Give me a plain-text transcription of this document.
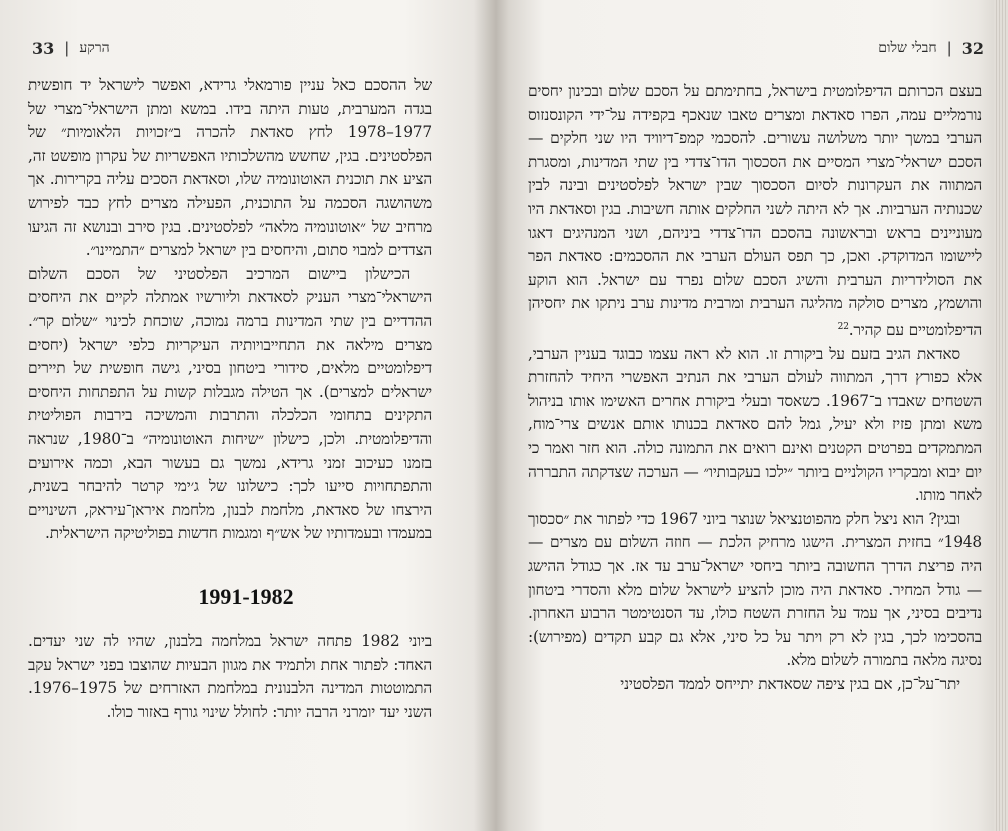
33 | הרקע

של ההסכם כאל עניין פורמאלי גרידא, ואפשר לישראל יד חופשית בגדה המערבית, טעות היתה בידו. במשא ומתן הישראלי־מצרי של 1977–1978 לחץ סאדאת להכרה ב״זכויות הלאומיות״ של הפלסטינים. בגין, שחשש מהשלכותיו האפשריות של עקרון מופשט זה, הציע את תוכנית האוטונומיה שלו, וסאדאת הסכים עליה בקרירות. אך משהושגה הסכמה על התוכנית, הפעילה מצרים לחץ כבד לפירוש מרחיב של ״אוטונומיה מלאה״ לפלסטינים. בגין סירב ובנושא זה הגיעו הצדדים למבוי סתום, והיחסים בין ישראל למצרים ״התמיינו״.

הכישלון ביישום המרכיב הפלסטיני של הסכם השלום הישראלי־מצרי העניק לסאדאת וליורשיו אמתלה לקיים את היחסים ההדדיים בין שתי המדינות ברמה נמוכה, שוכחת לכינוי ״שלום קר״. מצרים מילאה את התחייבויותיה העיקריות כלפי ישראל (יחסים דיפלומטיים מלאים, סידורי ביטחון בסיני, גישה חופשית של תיירים ישראלים למצרים). אך הטילה מגבלות קשות על התפתחות היחסים התקינים בתחומי הכלכלה והתרבות והמשיכה בירבות הפוליטית והדיפלומטית. ולכן, כישלון ״שיחות האוטונומיה״ ב־1980, שנראה בזמנו כעיכוב זמני גרידא, נמשך גם בעשור הבא, וכמה אירועים והתפתחויות סייעו לכך: כישלונו של ג׳ימי קרטר להיבחר בשנית, הירצחו של סאדאת, מלחמת לבנון, מלחמת איראן־עיראק, השינויים במעמדו ובעמדותיו של אש״ף ומגמות חדשות בפוליטיקה הישראלית.

1991-1982

ביוני 1982 פתחה ישראל במלחמה בלבנון, שהיו לה שני יעדים. האחד: לפתור אחת ולתמיד את מגוון הבעיות שהוצבו בפני ישראל עקב התמוטטות המדינה הלבנונית במלחמת האזרחים של 1975–1976. השני יעד יומרני הרבה יותר: לחולל שינוי גורף באזור כולו.

חבלי שלום | 32

בעצם הכרותם הדיפלומטית בישראל, בחתימתם על הסכם שלום ובכינון יחסים נורמליים עמה, הפרו סאדאת ומצרים טאבו שנאכף בקפידה על־ידי הקונסנזוס הערבי במשך יותר משלושה עשורים. להסכמי קמפ־דיוויד היו שני חלקים — הסכם ישראלי־מצרי המסיים את הסכסוך הדו־צדדי בין שתי המדינות, ומסגרת המתווה את העקרונות לסיום הסכסוך שבין ישראל לפלסטינים ובינה לבין שכנותיה הערביות. אך לא היתה לשני החלקים אותה חשיבות. בגין וסאדאת היו מעוניינים בראש ובראשונה בהסכם הדו־צדדי ביניהם, ושני המנהיגים דאגו ליישומו המדוקדק. ואכן, כך תפס העולם הערבי את ההסכמים: סאדאת הפר את הסולידריות הערבית והשיג הסכם שלום נפרד עם ישראל. הוא הוקע והושמץ, מצרים סולקה מהליגה הערבית ומרבית מדינות ערב ניתקו את יחסיהן הדיפלומטיים עם קהיר.$^{22}$

סאדאת הגיב בזעם על ביקורת זו. הוא לא ראה עצמו כבוגד בעניין הערבי, אלא כפורץ דרך, המתווה לעולם הערבי את הנתיב האפשרי היחיד להחזרת השטחים שאבדו ב־1967. כשאסד ובעלי ביקורת אחרים האשימו אותו בניהול משא ומתן פזיז ולא יעיל, גמל להם סאדאת בכנותו אותם אנשים צרי־מוח, המתמקדים בפרטים הקטנים ואינם רואים את התמונה כולה. הוא חזר ואמר כי יום יבוא ומבקריו הקולניים ביותר ״ילכו בעקבותיו״ — הערכה שצדקתה התבררה לאחר מותו.

ובגין? הוא ניצל חלק מהפוטנציאל שנוצר ביוני 1967 כדי לפתור את ״סכסוך 1948״ בחזית המצרית. הישגו מרחיק הלכת — חוזה השלום עם מצרים — היה פריצת הדרך החשובה ביותר ביחסי ישראל־ערב עד אז. אך כגודל ההישג — גודל המחיר. סאדאת היה מוכן להציע לישראל שלום מלא והסדרי ביטחון נדיבים בסיני, אך עמד על החזרת השטח כולו, עד הסנטימטר הרבוע האחרון. בהסכימו לכך, בגין לא רק ויתר על כל סיני, אלא גם קבע תקדים (מפירוש): נסיגה מלאה בתמורה לשלום מלא.

יתר־על־כן, אם בגין ציפה שסאדאת יתייחס לממד הפלסטיני
